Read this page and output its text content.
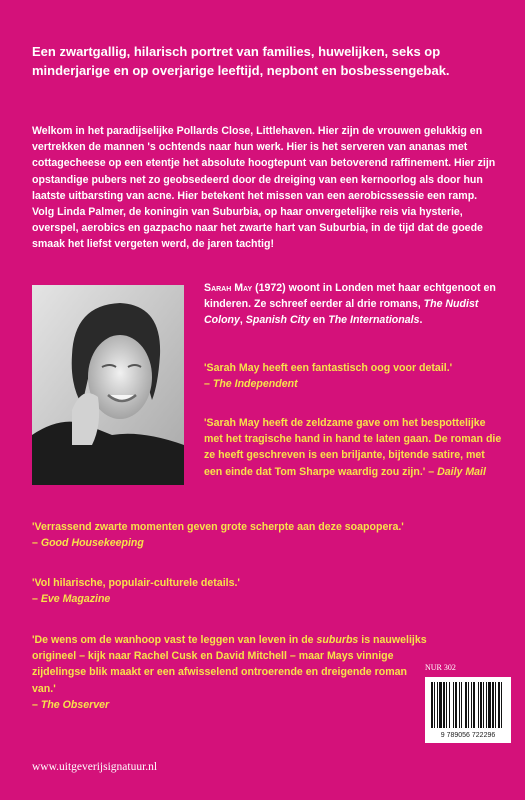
Een zwartgallig, hilarisch portret van families, huwelijken, seks op minderjarige en op overjarige leeftijd, nepbont en bosbessengebak.

Welkom in het paradijselijke Pollards Close, Littlehaven. Hier zijn de vrouwen gelukkig en vertrekken de mannen 's ochtends naar hun werk. Hier is het serveren van ananas met cottagecheese op een etentje het absolute hoogtepunt van betoverend raffinement. Hier zijn opstandige pubers net zo geobsedeerd door de dreiging van een kernoorlog als door hun laatste uitbarsting van acne. Hier betekent het missen van een aerobicssessie een ramp.

Volg Linda Palmer, de koningin van Suburbia, op haar onvergetelijke reis via hysterie, overspel, aerobics en gazpacho naar het zwarte hart van Suburbia, in de tijd dat de goede smaak het liefst vergeten werd, de jaren tachtig!

Sarah May (1972) woont in Londen met haar echtgenoot en kinderen. Ze schreef eerder al drie romans, The Nudist Colony, Spanish City en The Internationals.
'Sarah May heeft een fantastisch oog voor detail.'
– The Independent
'Sarah May heeft de zeldzame gave om het bespottelijke met het tragische hand in hand te laten gaan. De roman die ze heeft geschreven is een briljante, bijtende satire, met een einde dat Tom Sharpe waardig zou zijn.' – Daily Mail
'Verrassend zwarte momenten geven grote scherpte aan deze soapopera.'
– Good Housekeeping
'Vol hilarische, populair-culturele details.'
– Eve Magazine
'De wens om de wanhoop vast te leggen van leven in de suburbs is nauwelijks origineel – kijk naar Rachel Cusk en David Mitchell – maar Mays vinnige zijdelingse blik maakt er een afwisselend ontroerende en dreigende roman van.'
– The Observer
NUR 302
9 789056 722296
www.uitgeverijsignatuur.nl
